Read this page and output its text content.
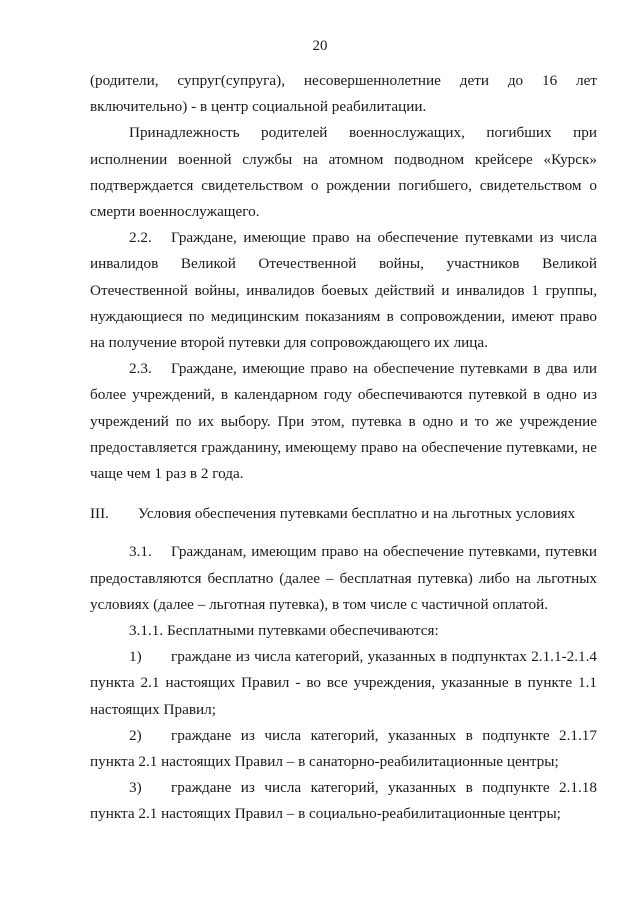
20

(родители, супруг(супруга), несовершеннолетние дети до 16 лет включительно) - в центр социальной реабилитации.

Принадлежность родителей военнослужащих, погибших при исполнении военной службы на атомном подводном крейсере «Курск» подтверждается свидетельством о рождении погибшего, свидетельством о смерти военнослужащего.

2.2. Граждане, имеющие право на обеспечение путевками из числа инвалидов Великой Отечественной войны, участников Великой Отечественной войны, инвалидов боевых действий и инвалидов 1 группы, нуждающиеся по медицинским показаниям в сопровождении, имеют право на получение второй путевки для сопровождающего их лица.

2.3. Граждане, имеющие право на обеспечение путевками в два или более учреждений, в календарном году обеспечиваются путевкой в одно из учреждений по их выбору. При этом, путевка в одно и то же учреждение предоставляется гражданину, имеющему право на обеспечение путевками, не чаще чем 1 раз в 2 года.

III. Условия обеспечения путевками бесплатно и на льготных условиях

3.1. Гражданам, имеющим право на обеспечение путевками, путевки предоставляются бесплатно (далее – бесплатная путевка) либо на льготных условиях (далее – льготная путевка), в том числе с частичной оплатой.

3.1.1. Бесплатными путевками обеспечиваются:

1) граждане из числа категорий, указанных в подпунктах 2.1.1-2.1.4 пункта 2.1 настоящих Правил - во все учреждения, указанные в пункте 1.1 настоящих Правил;

2) граждане из числа категорий, указанных в подпункте 2.1.17 пункта 2.1 настоящих Правил – в санаторно-реабилитационные центры;

3) граждане из числа категорий, указанных в подпункте 2.1.18 пункта 2.1 настоящих Правил – в социально-реабилитационные центры;
